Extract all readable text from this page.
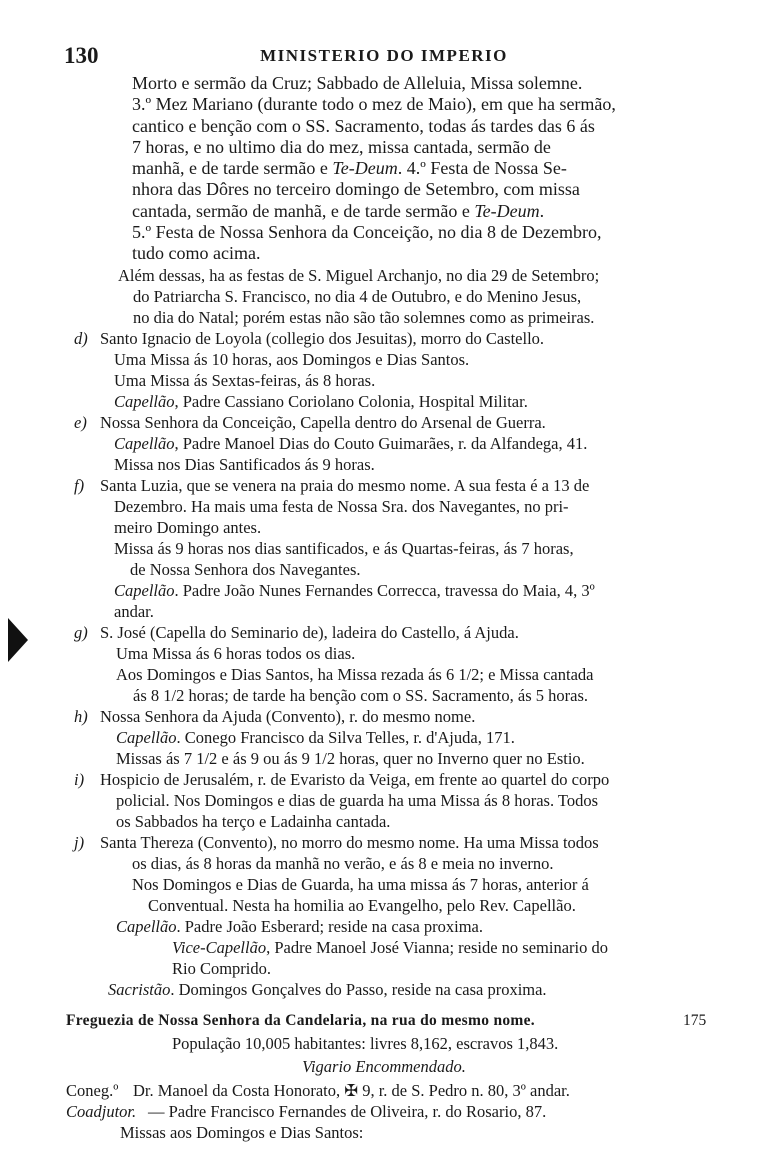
130	MINISTERIO DO IMPERIO
Morto e sermão da Cruz; Sabbado de Alleluia, Missa solemne.
3.º Mez Mariano (durante todo o mez de Maio), em que ha sermão,
cantico e benção com o SS. Sacramento, todas ás tardes das 6 ás
7 horas, e no ultimo dia do mez, missa cantada, sermão de
manhã, e de tarde sermão e Te-Deum. 4.º Festa de Nossa Se-
nhora das Dôres no terceiro domingo de Setembro, com missa
cantada, sermão de manhã, e de tarde sermão e Te-Deum.
5.º Festa de Nossa Senhora da Conceição, no dia 8 de Dezembro,
tudo como acima.
Além dessas, ha as festas de S. Miguel Archanjo, no dia 29 de Setembro;
do Patriarcha S. Francisco, no dia 4 de Outubro, e do Menino Jesus,
no dia do Natal; porém estas não são tão solemnes como as primeiras.
d) Santo Ignacio de Loyola (collegio dos Jesuitas), morro do Castello.
Uma Missa ás 10 horas, aos Domingos e Dias Santos.
Uma Missa ás Sextas-feiras, ás 8 horas.
Capellão, Padre Cassiano Coriolano Colonia, Hospital Militar.
e) Nossa Senhora da Conceição, Capella dentro do Arsenal de Guerra.
Capellão, Padre Manoel Dias do Couto Guimarães, r. da Alfandega, 41.
Missa nos Dias Santificados ás 9 horas.
f) Santa Luzia, que se venera na praia do mesmo nome. A sua festa é a 13 de
Dezembro. Ha mais uma festa de Nossa Sra. dos Navegantes, no pri-
meiro Domingo antes.
Missa ás 9 horas nos dias santificados, e ás Quartas-feiras, ás 7 horas,
de Nossa Senhora dos Navegantes.
Capellão. Padre João Nunes Fernandes Correcca, travessa do Maia, 4, 3º
andar.
g) S. José (Capella do Seminario de), ladeira do Castello, á Ajuda.
Uma Missa ás 6 horas todos os dias.
Aos Domingos e Dias Santos, ha Missa rezada ás 6 1/2; e Missa cantada
ás 8 1/2 horas; de tarde ha benção com o SS. Sacramento, ás 5 horas.
h) Nossa Senhora da Ajuda (Convento), r. do mesmo nome.
Capellão. Conego Francisco da Silva Telles, r. d'Ajuda, 171.
Missas ás 7 1/2 e ás 9 ou ás 9 1/2 horas, quer no Inverno quer no Estio.
i) Hospicio de Jerusalém, r. de Evaristo da Veiga, em frente ao quartel do corpo
policial. Nos Domingos e dias de guarda ha uma Missa ás 8 horas. Todos
os Sabbados ha terço e Ladainha cantada.
j) Santa Thereza (Convento), no morro do mesmo nome. Ha uma Missa todos
os dias, ás 8 horas da manhã no verão, e ás 8 e meia no inverno.
Nos Domingos e Dias de Guarda, ha uma missa ás 7 horas, anterior á
Conventual. Nesta ha homilia ao Evangelho, pelo Rev. Capellão.
Capellão. Padre João Esberard; reside na casa proxima.
Vice-Capellão, Padre Manoel José Vianna; reside no seminario do
Rio Comprido.
Sacristão. Domingos Gonçalves do Passo, reside na casa proxima.
Freguezia de Nossa Senhora da Candelaria, na rua do mesmo nome.	175
População 10,005 habitantes: livres 8,162, escravos 1,843.
Vigario Encommendado.
Coneg.º Dr. Manoel da Costa Honorato, ✠ 9, r. de S. Pedro n. 80, 3º andar.
Coadjutor. — Padre Francisco Fernandes de Oliveira, r. do Rosario, 87.
Missas aos Domingos e Dias Santos:
